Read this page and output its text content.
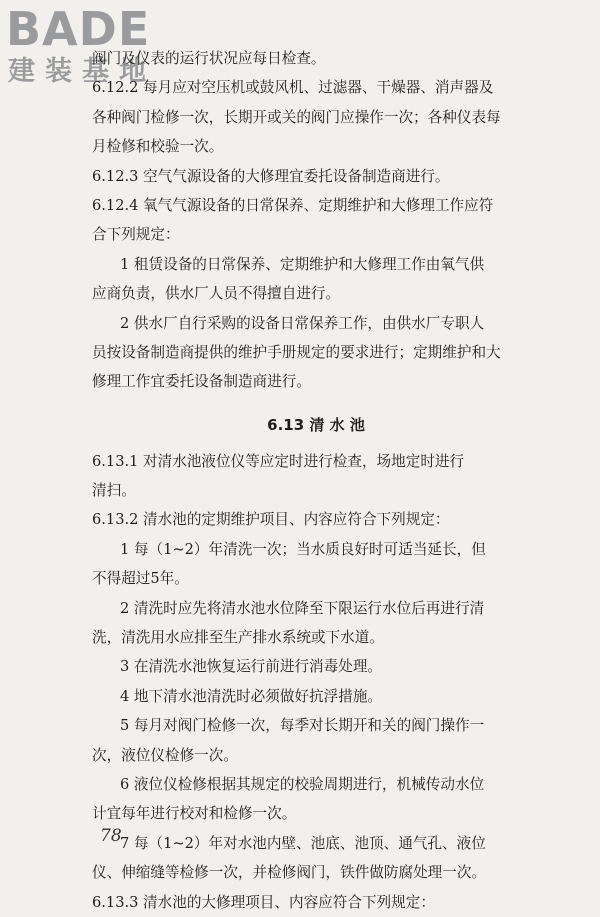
BADE
建装基地
阀门及仪表的运行状况应每日检查。
6.12.2 每月应对空压机或鼓风机、过滤器、干燥器、消声器及
各种阀门检修一次，长期开或关的阀门应操作一次；各种仪表每
月检修和校验一次。
6.12.3 空气气源设备的大修理宜委托设备制造商进行。
6.12.4 氧气气源设备的日常保养、定期维护和大修理工作应符
合下列规定：
1 租赁设备的日常保养、定期维护和大修理工作由氧气供
应商负责，供水厂人员不得擅自进行。
2 供水厂自行采购的设备日常保养工作，由供水厂专职人
员按设备制造商提供的维护手册规定的要求进行；定期维护和大
修理工作宜委托设备制造商进行。
6.13 清 水 池
6.13.1 对清水池液位仪等应定时进行检查，场地定时进行
清扫。
6.13.2 清水池的定期维护项目、内容应符合下列规定：
1 每（1~2）年清洗一次；当水质良好时可适当延长，但
不得超过5年。
2 清洗时应先将清水池水位降至下限运行水位后再进行清
洗，清洗用水应排至生产排水系统或下水道。
3 在清洗水池恢复运行前进行消毒处理。
4 地下清水池清洗时必须做好抗浮措施。
5 每月对阀门检修一次，每季对长期开和关的阀门操作一
次，液位仪检修一次。
6 液位仪检修根据其规定的校验周期进行，机械传动水位
计宜每年进行校对和检修一次。
7 每（1~2）年对水池内壁、池底、池顶、通气孔、液位
仪、伸缩缝等检修一次，并检修阀门，铁件做防腐处理一次。
6.13.3 清水池的大修理项目、内容应符合下列规定：
78
